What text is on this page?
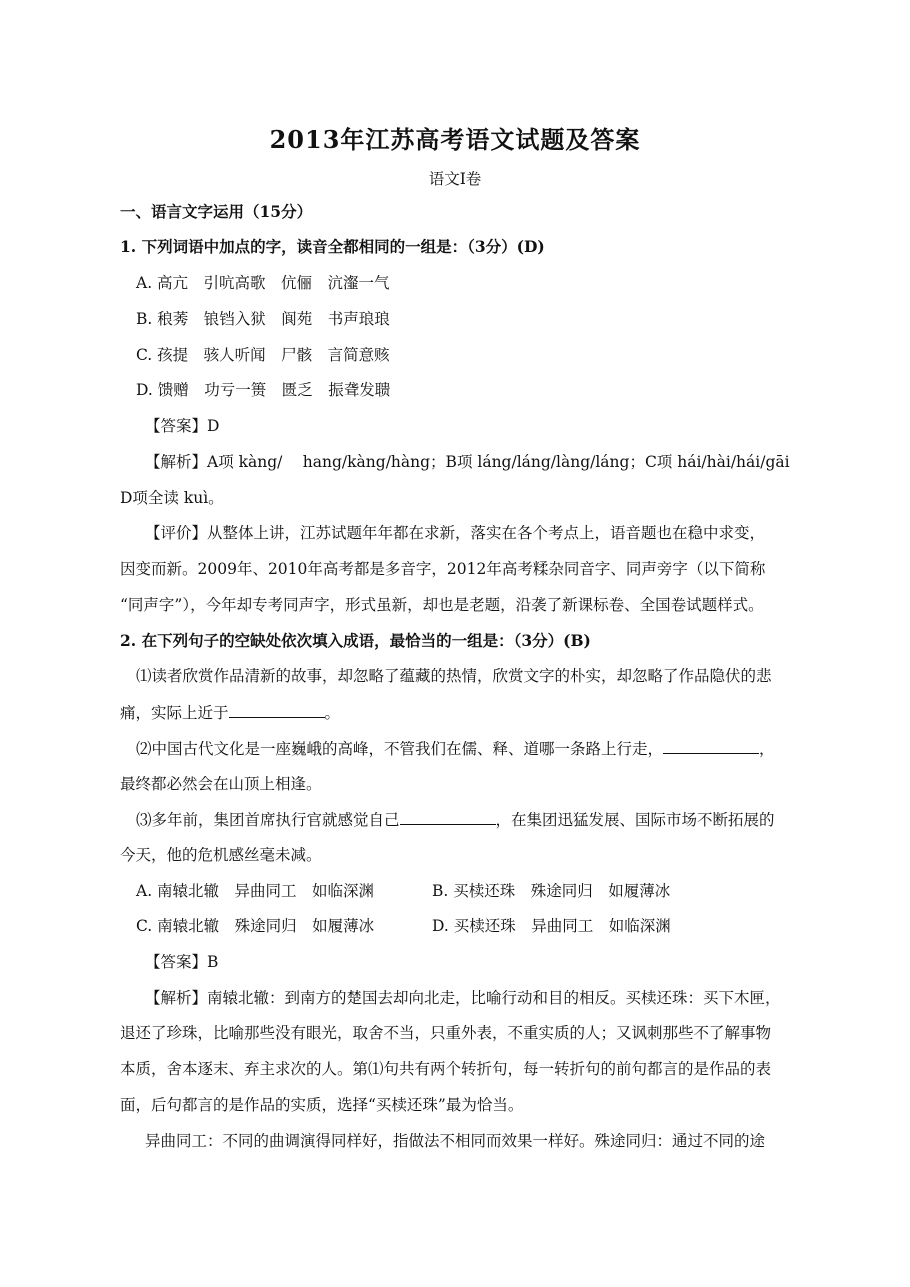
2013年江苏高考语文试题及答案
语文Ⅰ卷
一、语言文字运用（15分）
1. 下列词语中加点的字，读音全都相同的一组是：（3分）(D)
A. 高亢　引吭高歌　伉俪　沆瀣一气
B. 稂莠　锒铛入狱　阆苑　书声琅琅
C. 孩提　骇人听闻　尸骸　言简意赅
D. 馈赠　功亏一篑　匮乏　振聋发聩
【答案】D
【解析】A项 kàng/　 hang/kàng/hàng；B项 láng/láng/làng/láng；C项 hái/hài/hái/gāi
D项全读 kuì。
【评价】从整体上讲，江苏试题年年都在求新，落实在各个考点上，语音题也在稳中求变，
因变而新。2009年、2010年高考都是多音字，2012年高考糅杂同音字、同声旁字（以下简称
“同声字”），今年却专考同声字，形式虽新，却也是老题，沿袭了新课标卷、全国卷试题样式。
2. 在下列句子的空缺处依次填入成语，最恰当的一组是：（3分）(B)
⑴读者欣赏作品清新的故事，却忽略了蕴藏的热情，欣赏文字的朴实，却忽略了作品隐伏的悲
痛，实际上近于	。
⑵中国古代文化是一座巍峨的高峰，不管我们在儒、释、道哪一条路上行走，	，
最终都必然会在山顶上相逢。
⑶多年前，集团首席执行官就感觉自己	，在集团迅猛发展、国际市场不断拓展的
今天，他的危机感丝毫未减。
A. 南辕北辙　异曲同工　如临深渊	B. 买椟还珠　殊途同归　如履薄冰
C. 南辕北辙　殊途同归　如履薄冰	D. 买椟还珠　异曲同工　如临深渊
【答案】B
【解析】南辕北辙：到南方的楚国去却向北走，比喻行动和目的相反。买椟还珠：买下木匣，
退还了珍珠，比喻那些没有眼光，取舍不当，只重外表，不重实质的人；又讽刺那些不了解事物
本质，舍本逐末、弃主求次的人。第⑴句共有两个转折句，每一转折句的前句都言的是作品的表
面，后句都言的是作品的实质，选择“买椟还珠”最为恰当。
异曲同工：不同的曲调演得同样好，指做法不相同而效果一样好。殊途同归：通过不同的途
